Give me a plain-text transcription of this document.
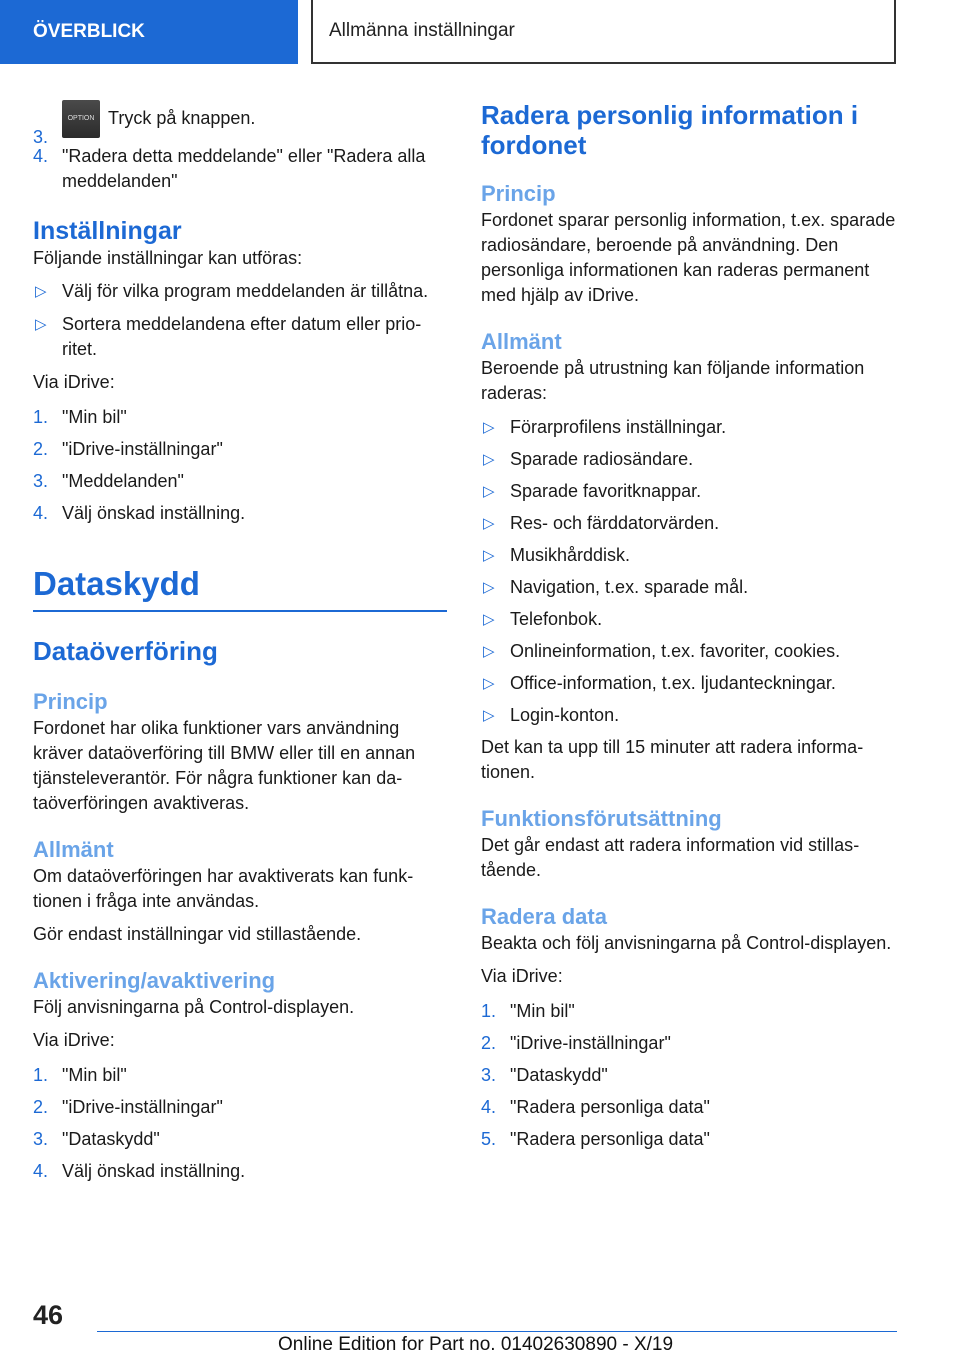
ÖVERBLICK	Allmänna inställningar
3.
OPTION Tryck på knappen.
4. "Radera detta meddelande" eller "Radera alla meddelanden"
Inställningar

Följande inställningar kan utföras:

▷ Välj för vilka program meddelanden är tillåtna.
▷ Sortera meddelandena efter datum eller prioritet.

Via iDrive:

1. "Min bil"
2. "iDrive-inställningar"
3. "Meddelanden"
4. Välj önskad inställning.
Dataskydd
Dataöverföring
Princip

Fordonet har olika funktioner vars användning kräver dataöverföring till BMW eller till en annan tjänsteleverantör. För några funktioner kan dataöverföringen avaktiveras.

Allmänt

Om dataöverföringen har avaktiverats kan funktionen i fråga inte användas.

Gör endast inställningar vid stillastående.

Aktivering/avaktivering

Följ anvisningarna på Control-displayen.

Via iDrive:

1. "Min bil"
2. "iDrive-inställningar"
3. "Dataskydd"
4. Välj önskad inställning.
Radera personlig information i fordonet
Princip

Fordonet sparar personlig information, t.ex. sparade radiosändare, beroende på användning. Den personliga informationen kan raderas permanent med hjälp av iDrive.

Allmänt

Beroende på utrustning kan följande information raderas:

▷ Förarprofilens inställningar.
▷ Sparade radiosändare.
▷ Sparade favoritknappar.
▷ Res- och färddatorvärden.
▷ Musikhårddisk.
▷ Navigation, t.ex. sparade mål.
▷ Telefonbok.
▷ Onlineinformation, t.ex. favoriter, cookies.
▷ Office-information, t.ex. ljudanteckningar.
▷ Login-konton.

Det kan ta upp till 15 minuter att radera informationen.

Funktionsförutsättning

Det går endast att radera information vid stillastående.

Radera data

Beakta och följ anvisningarna på Control-displayen.

Via iDrive:

1. "Min bil"
2. "iDrive-inställningar"
3. "Dataskydd"
4. "Radera personliga data"
5. "Radera personliga data"
46
Online Edition for Part no. 01402630890 - X/19
